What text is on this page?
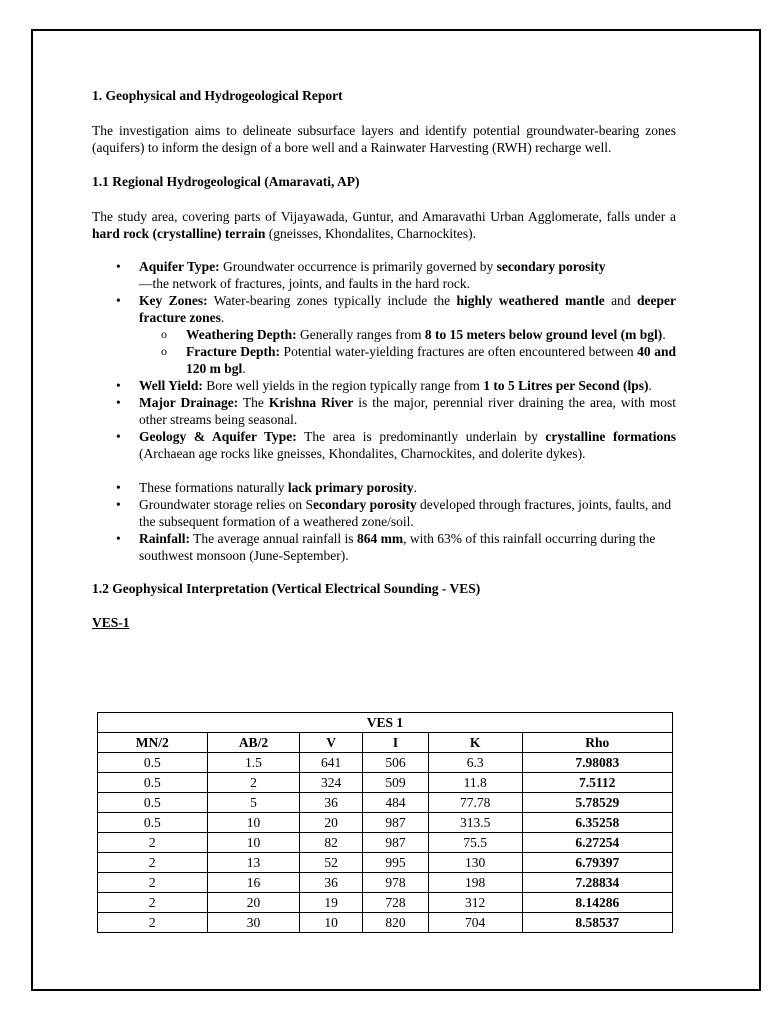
1. Geophysical and Hydrogeological Report

The investigation aims to delineate subsurface layers and identify potential groundwater-bearing zones (aquifers) to inform the design of a bore well and a Rainwater Harvesting (RWH) recharge well.

1.1 Regional Hydrogeological (Amaravati, AP)

The study area, covering parts of Vijayawada, Guntur, and Amaravathi Urban Agglomerate, falls under a hard rock (crystalline) terrain (gneisses, Khondalites, Charnockites).

• Aquifer Type: Groundwater occurrence is primarily governed by secondary porosity
—the network of fractures, joints, and faults in the hard rock.
• Key Zones: Water-bearing zones typically include the highly weathered mantle and deeper fracture zones.
o Weathering Depth: Generally ranges from 8 to 15 meters below ground level (m bgl).
o Fracture Depth: Potential water-yielding fractures are often encountered between 40 and 120 m bgl.
• Well Yield: Bore well yields in the region typically range from 1 to 5 Litres per Second (lps).
• Major Drainage: The Krishna River is the major, perennial river draining the area, with most other streams being seasonal.
• Geology & Aquifer Type: The area is predominantly underlain by crystalline formations (Archaean age rocks like gneisses, Khondalites, Charnockites, and dolerite dykes).
• These formations naturally lack primary porosity.
• Groundwater storage relies on Secondary porosity developed through fractures, joints, faults, and the subsequent formation of a weathered zone/soil.
• Rainfall: The average annual rainfall is 864 mm, with 63% of this rainfall occurring during the southwest monsoon (June-September).
1.2 Geophysical Interpretation (Vertical Electrical Sounding - VES)
VES-1
VES 1					
MN/2	AB/2	V	I	K	Rho
0.5	1.5	641	506	6.3	7.98083
0.5	2	324	509	11.8	7.5112
0.5	5	36	484	77.78	5.78529
0.5	10	20	987	313.5	6.35258
2	10	82	987	75.5	6.27254
2	13	52	995	130	6.79397
2	16	36	978	198	7.28834
2	20	19	728	312	8.14286
2	30	10	820	704	8.58537
